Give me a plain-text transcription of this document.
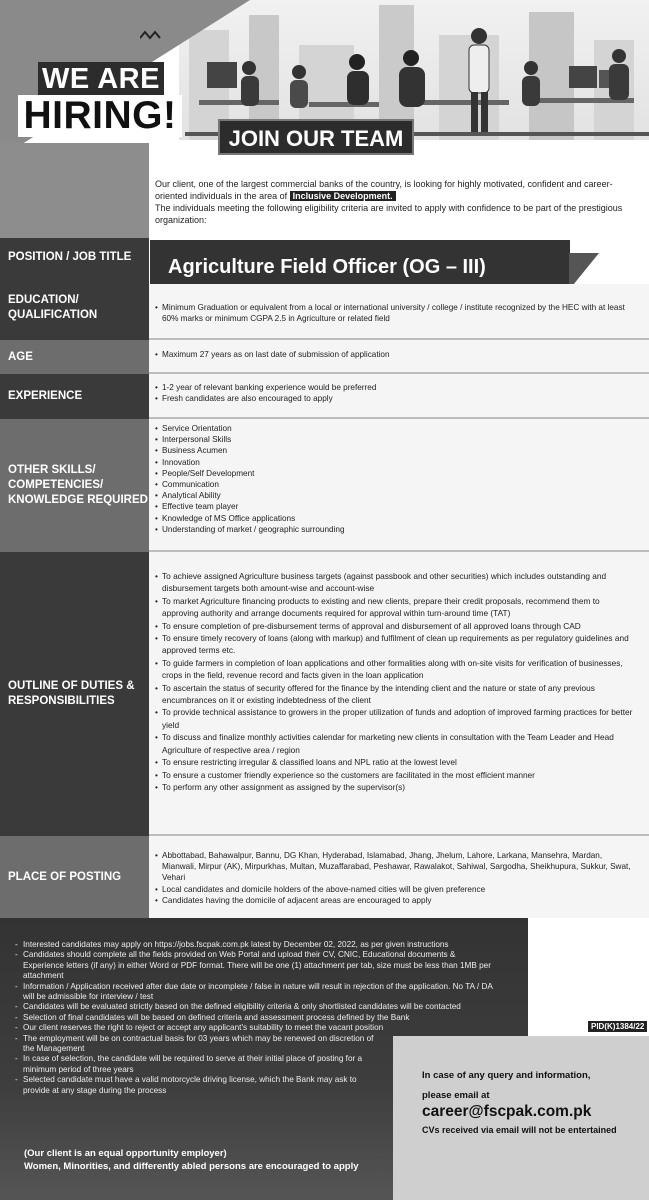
WE ARE
HIRING!
JOIN OUR TEAM
Our client, one of the largest commercial banks of the country, is looking for highly motivated, confident and career-oriented individuals in the area of Inclusive Development.
The individuals meeting the following eligibility criteria are invited to apply with confidence to be part of the prestigious organization:
POSITION / JOB TITLE	Agriculture Field Officer (OG – III)
EDUCATION/ QUALIFICATION
• Minimum Graduation or equivalent from a local or international university / college / institute recognized by the HEC with at least 60% marks or minimum CGPA 2.5 in Agriculture or related field
AGE	• Maximum 27 years as on last date of submission of application
EXPERIENCE
• 1-2 year of relevant banking experience would be preferred
• Fresh candidates are also encouraged to apply
OTHER SKILLS/ COMPETENCIES/ KNOWLEDGE REQUIRED
• Service Orientation
• Interpersonal Skills
• Business Acumen
• Innovation
• People/Self Development
• Communication
• Analytical Ability
• Effective team player
• Knowledge of MS Office applications
• Understanding of market / geographic surrounding
OUTLINE OF DUTIES & RESPONSIBILITIES
• To achieve assigned Agriculture business targets (against passbook and other securities) which includes outstanding and disbursement targets both amount-wise and account-wise
• To market Agriculture financing products to existing and new clients, prepare their credit proposals, recommend them to approving authority and arrange documents required for approval within turn-around time (TAT)
• To ensure completion of pre-disbursement terms of approval and disbursement of all approved loans through CAD
• To ensure timely recovery of loans (along with markup) and fulfilment of clean up requirements as per regulatory guidelines and approved terms etc.
• To guide farmers in completion of loan applications and other formalities along with on-site visits for verification of businesses, crops in the field, revenue record and facts given in the loan application
• To ascertain the status of security offered for the finance by the intending client and the nature or state of any previous encumbrances on it or existing indebtedness of the client
• To provide technical assistance to growers in the proper utilization of funds and adoption of improved farming practices for better yield
• To discuss and finalize monthly activities calendar for marketing new clients in consultation with the Team Leader and Head Agriculture of respective area / region
• To ensure restricting irregular & classified loans and NPL ratio at the lowest level
• To ensure a customer friendly experience so the customers are facilitated in the most efficient manner
• To perform any other assignment as assigned by the supervisor(s)
PLACE OF POSTING
• Abbottabad, Bahawalpur, Bannu, DG Khan, Hyderabad, Islamabad, Jhang, Jhelum, Lahore, Larkana, Mansehra, Mardan, Mianwali, Mirpur (AK), Mirpurkhas, Multan, Muzaffarabad, Peshawar, Rawalakot, Sahiwal, Sargodha, Sheikhupura, Sukkur, Swat, Vehari
• Local candidates and domicile holders of the above-named cities will be given preference
• Candidates having the domicile of adjacent areas are encouraged to apply
- Interested candidates may apply on https://jobs.fscpak.com.pk latest by December 02, 2022, as per given instructions
- Candidates should complete all the fields provided on Web Portal and upload their CV, CNIC, Educational documents & Experience letters (if any) in either Word or PDF format. There will be one (1) attachment per tab, size must be less than 1MB per attachment
- Information / Application received after due date or incomplete / false in nature will result in rejection of the application. No TA / DA will be admissible for interview / test
- Candidates will be evaluated strictly based on the defined eligibility criteria & only shortlisted candidates will be contacted
- Selection of final candidates will be based on defined criteria and assessment process defined by the Bank
- Our client reserves the right to reject or accept any applicant's suitability to meet the vacant position
- The employment will be on contractual basis for 03 years which may be renewed on discretion of the Management
- In case of selection, the candidate will be required to serve at their initial place of posting for a minimum period of three years
- Selected candidate must have a valid motorcycle driving license, which the Bank may ask to provide at any stage during the process
(Our client is an equal opportunity employer)
Women, Minorities, and differently abled persons are encouraged to apply
PID(K)1384/22
In case of any query and information,
please email at
career@fscpak.com.pk
CVs received via email will not be entertained
